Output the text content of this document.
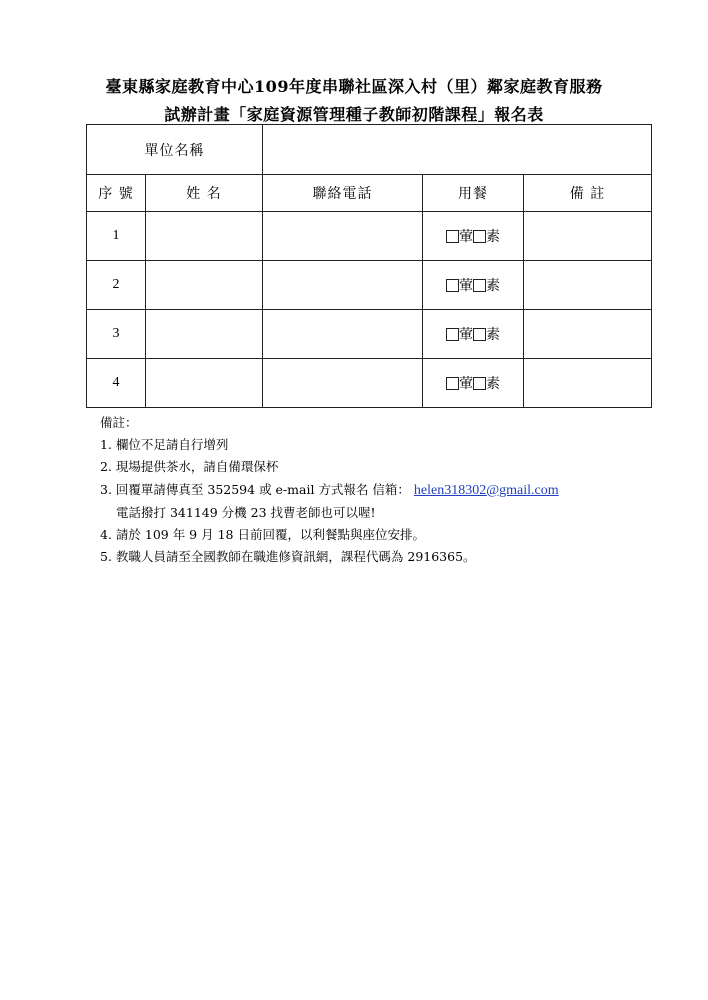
臺東縣家庭教育中心109年度串聯社區深入村（里）鄰家庭教育服務
試辦計畫「家庭資源管理種子教師初階課程」報名表
單位名稱				
序 號	姓 名	聯絡電話	用餐	備 註
1			葷 素	
2			葷 素	
3			葷 素	
4			葷 素	
備註：
1. 欄位不足請自行增列
2. 現場提供茶水，請自備環保杯
3. 回覆單請傳真至 352594 或 e-mail 方式報名 信箱： helen318302@gmail.com
電話撥打 341149 分機 23 找曹老師也可以喔!
4. 請於 109 年 9 月 18 日前回覆，以利餐點與座位安排。
5. 教職人員請至全國教師在職進修資訊網，課程代碼為 2916365。
